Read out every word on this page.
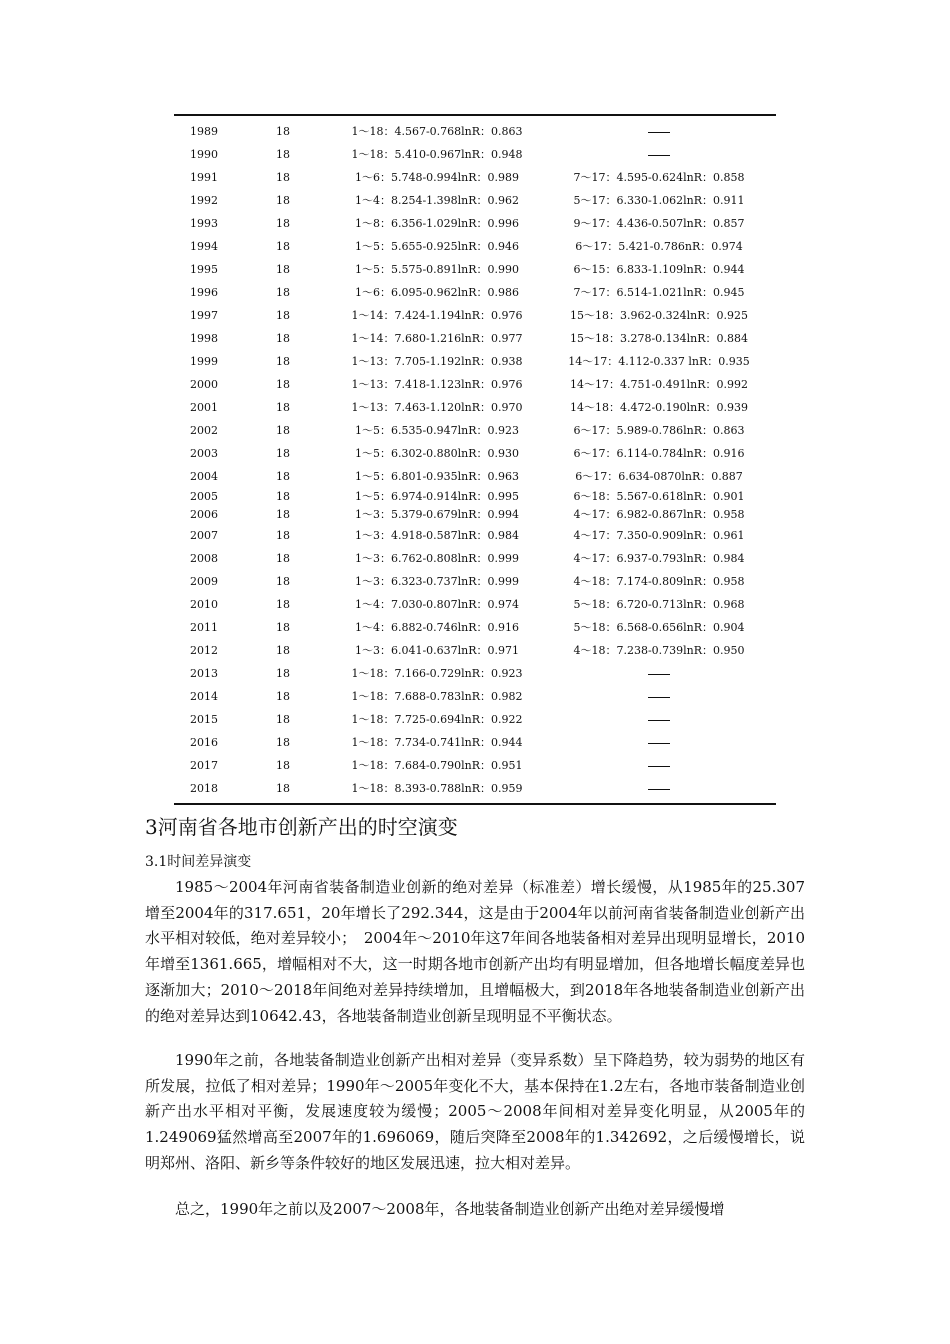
1989	18	1～18：4.567-0.768lnR：0.863
1990	18	1～18：5.410-0.967lnR：0.948
1991	18	1～6：5.748-0.994lnR：0.989	7～17：4.595-0.624lnR：0.858
1992	18	1～4：8.254-1.398lnR：0.962	5～17：6.330-1.062lnR：0.911
1993	18	1～8：6.356-1.029lnR：0.996	9～17：4.436-0.507lnR：0.857
1994	18	1～5：5.655-0.925lnR：0.946	6～17：5.421-0.786nR：0.974
1995	18	1～5：5.575-0.891lnR：0.990	6～15：6.833-1.109lnR：0.944
1996	18	1～6：6.095-0.962lnR：0.986	7～17：6.514-1.021lnR：0.945
1997	18	1～14：7.424-1.194lnR：0.976	15～18：3.962-0.324lnR：0.925
1998	18	1～14：7.680-1.216lnR：0.977	15～18：3.278-0.134lnR：0.884
1999	18	1～13：7.705-1.192lnR：0.938	14～17：4.112-0.337 lnR：0.935
2000	18	1～13：7.418-1.123lnR：0.976	14～17：4.751-0.491lnR：0.992
2001	18	1～13：7.463-1.120lnR：0.970	14～18：4.472-0.190lnR：0.939
2002	18	1～5：6.535-0.947lnR：0.923	6～17：5.989-0.786lnR：0.863
2003	18	1～5：6.302-0.880lnR：0.930	6～17：6.114-0.784lnR：0.916
2004	18	1～5：6.801-0.935lnR：0.963	6～17：6.634-0870lnR：0.887
2005	18	1～5：6.974-0.914lnR：0.995	6～18：5.567-0.618lnR：0.901
2006	18	1～3：5.379-0.679lnR：0.994	4～17：6.982-0.867lnR：0.958
2007	18	1～3：4.918-0.587lnR：0.984	4～17：7.350-0.909lnR：0.961
2008	18	1～3：6.762-0.808lnR：0.999	4～17：6.937-0.793lnR：0.984
2009	18	1～3：6.323-0.737lnR：0.999	4～18：7.174-0.809lnR：0.958
2010	18	1～4：7.030-0.807lnR：0.974	5～18：6.720-0.713lnR：0.968
2011	18	1～4：6.882-0.746lnR：0.916	5～18：6.568-0.656lnR：0.904
2012	18	1～3：6.041-0.637lnR：0.971	4～18：7.238-0.739lnR：0.950
2013	18	1～18：7.166-0.729lnR：0.923
2014	18	1～18：7.688-0.783lnR：0.982
2015	18	1～18：7.725-0.694lnR：0.922
2016	18	1～18：7.734-0.741lnR：0.944
2017	18	1～18：7.684-0.790lnR：0.951
2018	18	1～18：8.393-0.788lnR：0.959
3河南省各地市创新产出的时空演变
3.1时间差异演变

1985～2004年河南省装备制造业创新的绝对差异（标准差）增长缓慢，从1985年的25.307增至2004年的317.651，20年增长了292.344，这是由于2004年以前河南省装备制造业创新产出水平相对较低，绝对差异较小；　2004年～2010年这7年间各地装备相对差异出现明显增长，2010年增至1361.665，增幅相对不大，这一时期各地市创新产出均有明显增加，但各地增长幅度差异也逐渐加大；2010～2018年间绝对差异持续增加，且增幅极大，到2018年各地装备制造业创新产出的绝对差异达到10642.43，各地装备制造业创新呈现明显不平衡状态。

1990年之前，各地装备制造业创新产出相对差异（变异系数）呈下降趋势，较为弱势的地区有所发展，拉低了相对差异；1990年～2005年变化不大，基本保持在1.2左右，各地市装备制造业创新产出水平相对平衡，发展速度较为缓慢；2005～2008年间相对差异变化明显，从2005年的1.249069猛然增高至2007年的1.696069，随后突降至2008年的1.342692，之后缓慢增长，说明郑州、洛阳、新乡等条件较好的地区发展迅速，拉大相对差异。

总之，1990年之前以及2007～2008年，各地装备制造业创新产出绝对差异缓慢增
